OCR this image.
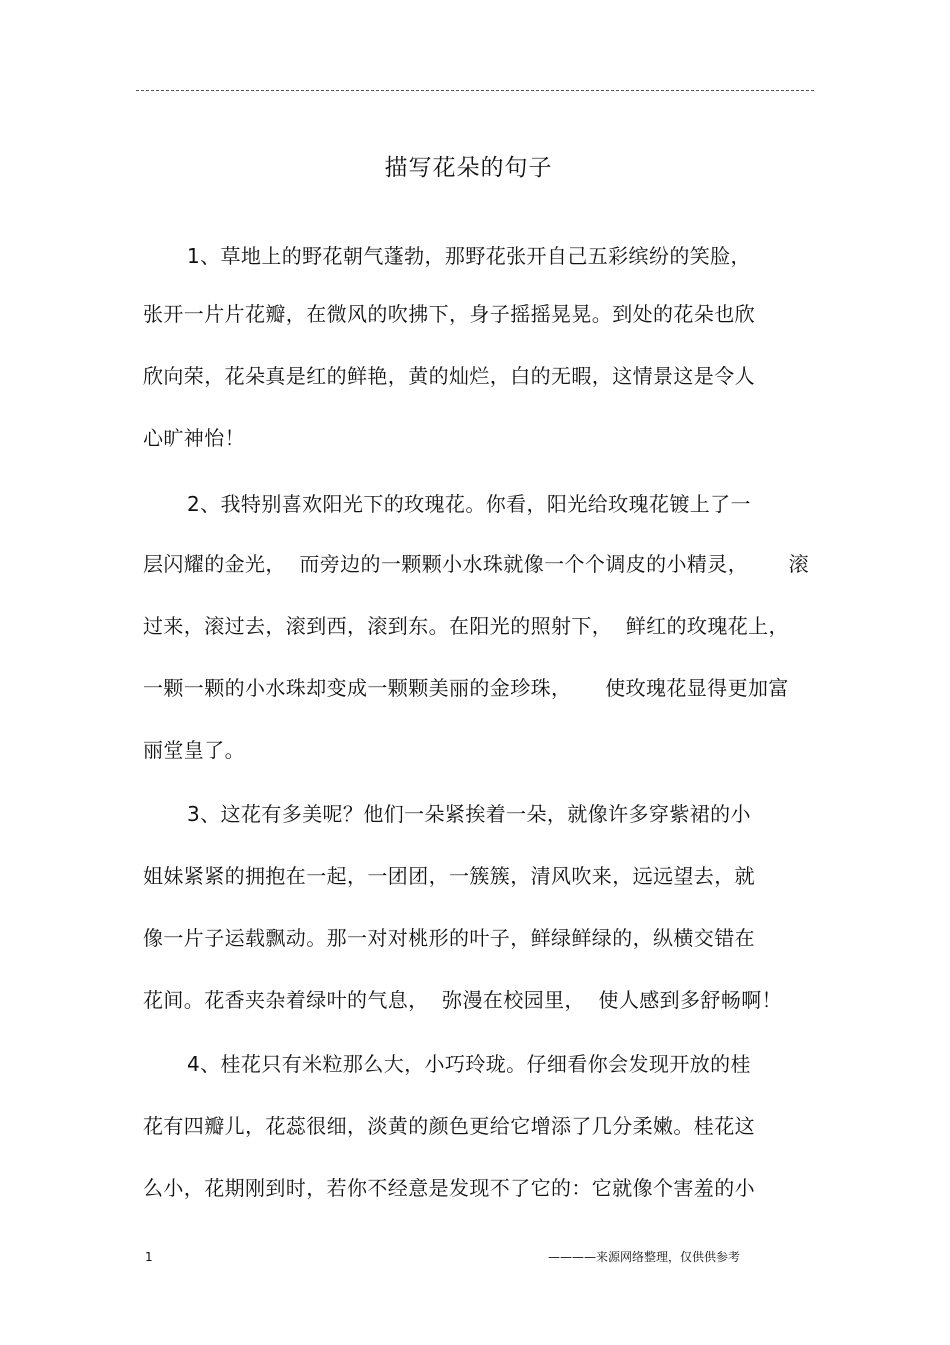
描写花朵的句子
1、草地上的野花朝气蓬勃，那野花张开自己五彩缤纷的笑脸，
张开一片片花瓣，在微风的吹拂下，身子摇摇晃晃。到处的花朵也欣
欣向荣，花朵真是红的鲜艳，黄的灿烂，白的无暇，这情景这是令人
心旷神怡！
2、我特别喜欢阳光下的玫瑰花。你看，阳光给玫瑰花镀上了一
层闪耀的金光，  而旁边的一颗颗小水珠就像一个个调皮的小精灵，      滚
过来，滚过去，滚到西，滚到东。在阳光的照射下，  鲜红的玫瑰花上，
一颗一颗的小水珠却变成一颗颗美丽的金珍珠，     使玫瑰花显得更加富
丽堂皇了。
3、这花有多美呢？他们一朵紧挨着一朵，就像许多穿紫裙的小
姐妹紧紧的拥抱在一起，一团团，一簇簇，清风吹来，远远望去，就
像一片子运载飘动。那一对对桃形的叶子，鲜绿鲜绿的，纵横交错在
花间。花香夹杂着绿叶的气息，  弥漫在校园里，  使人感到多舒畅啊！
4、桂花只有米粒那么大，小巧玲珑。仔细看你会发现开放的桂
花有四瓣儿，花蕊很细，淡黄的颜色更给它增添了几分柔嫩。桂花这
么小，花期刚到时，若你不经意是发现不了它的：它就像个害羞的小
1	————来源网络整理，仅供供参考
